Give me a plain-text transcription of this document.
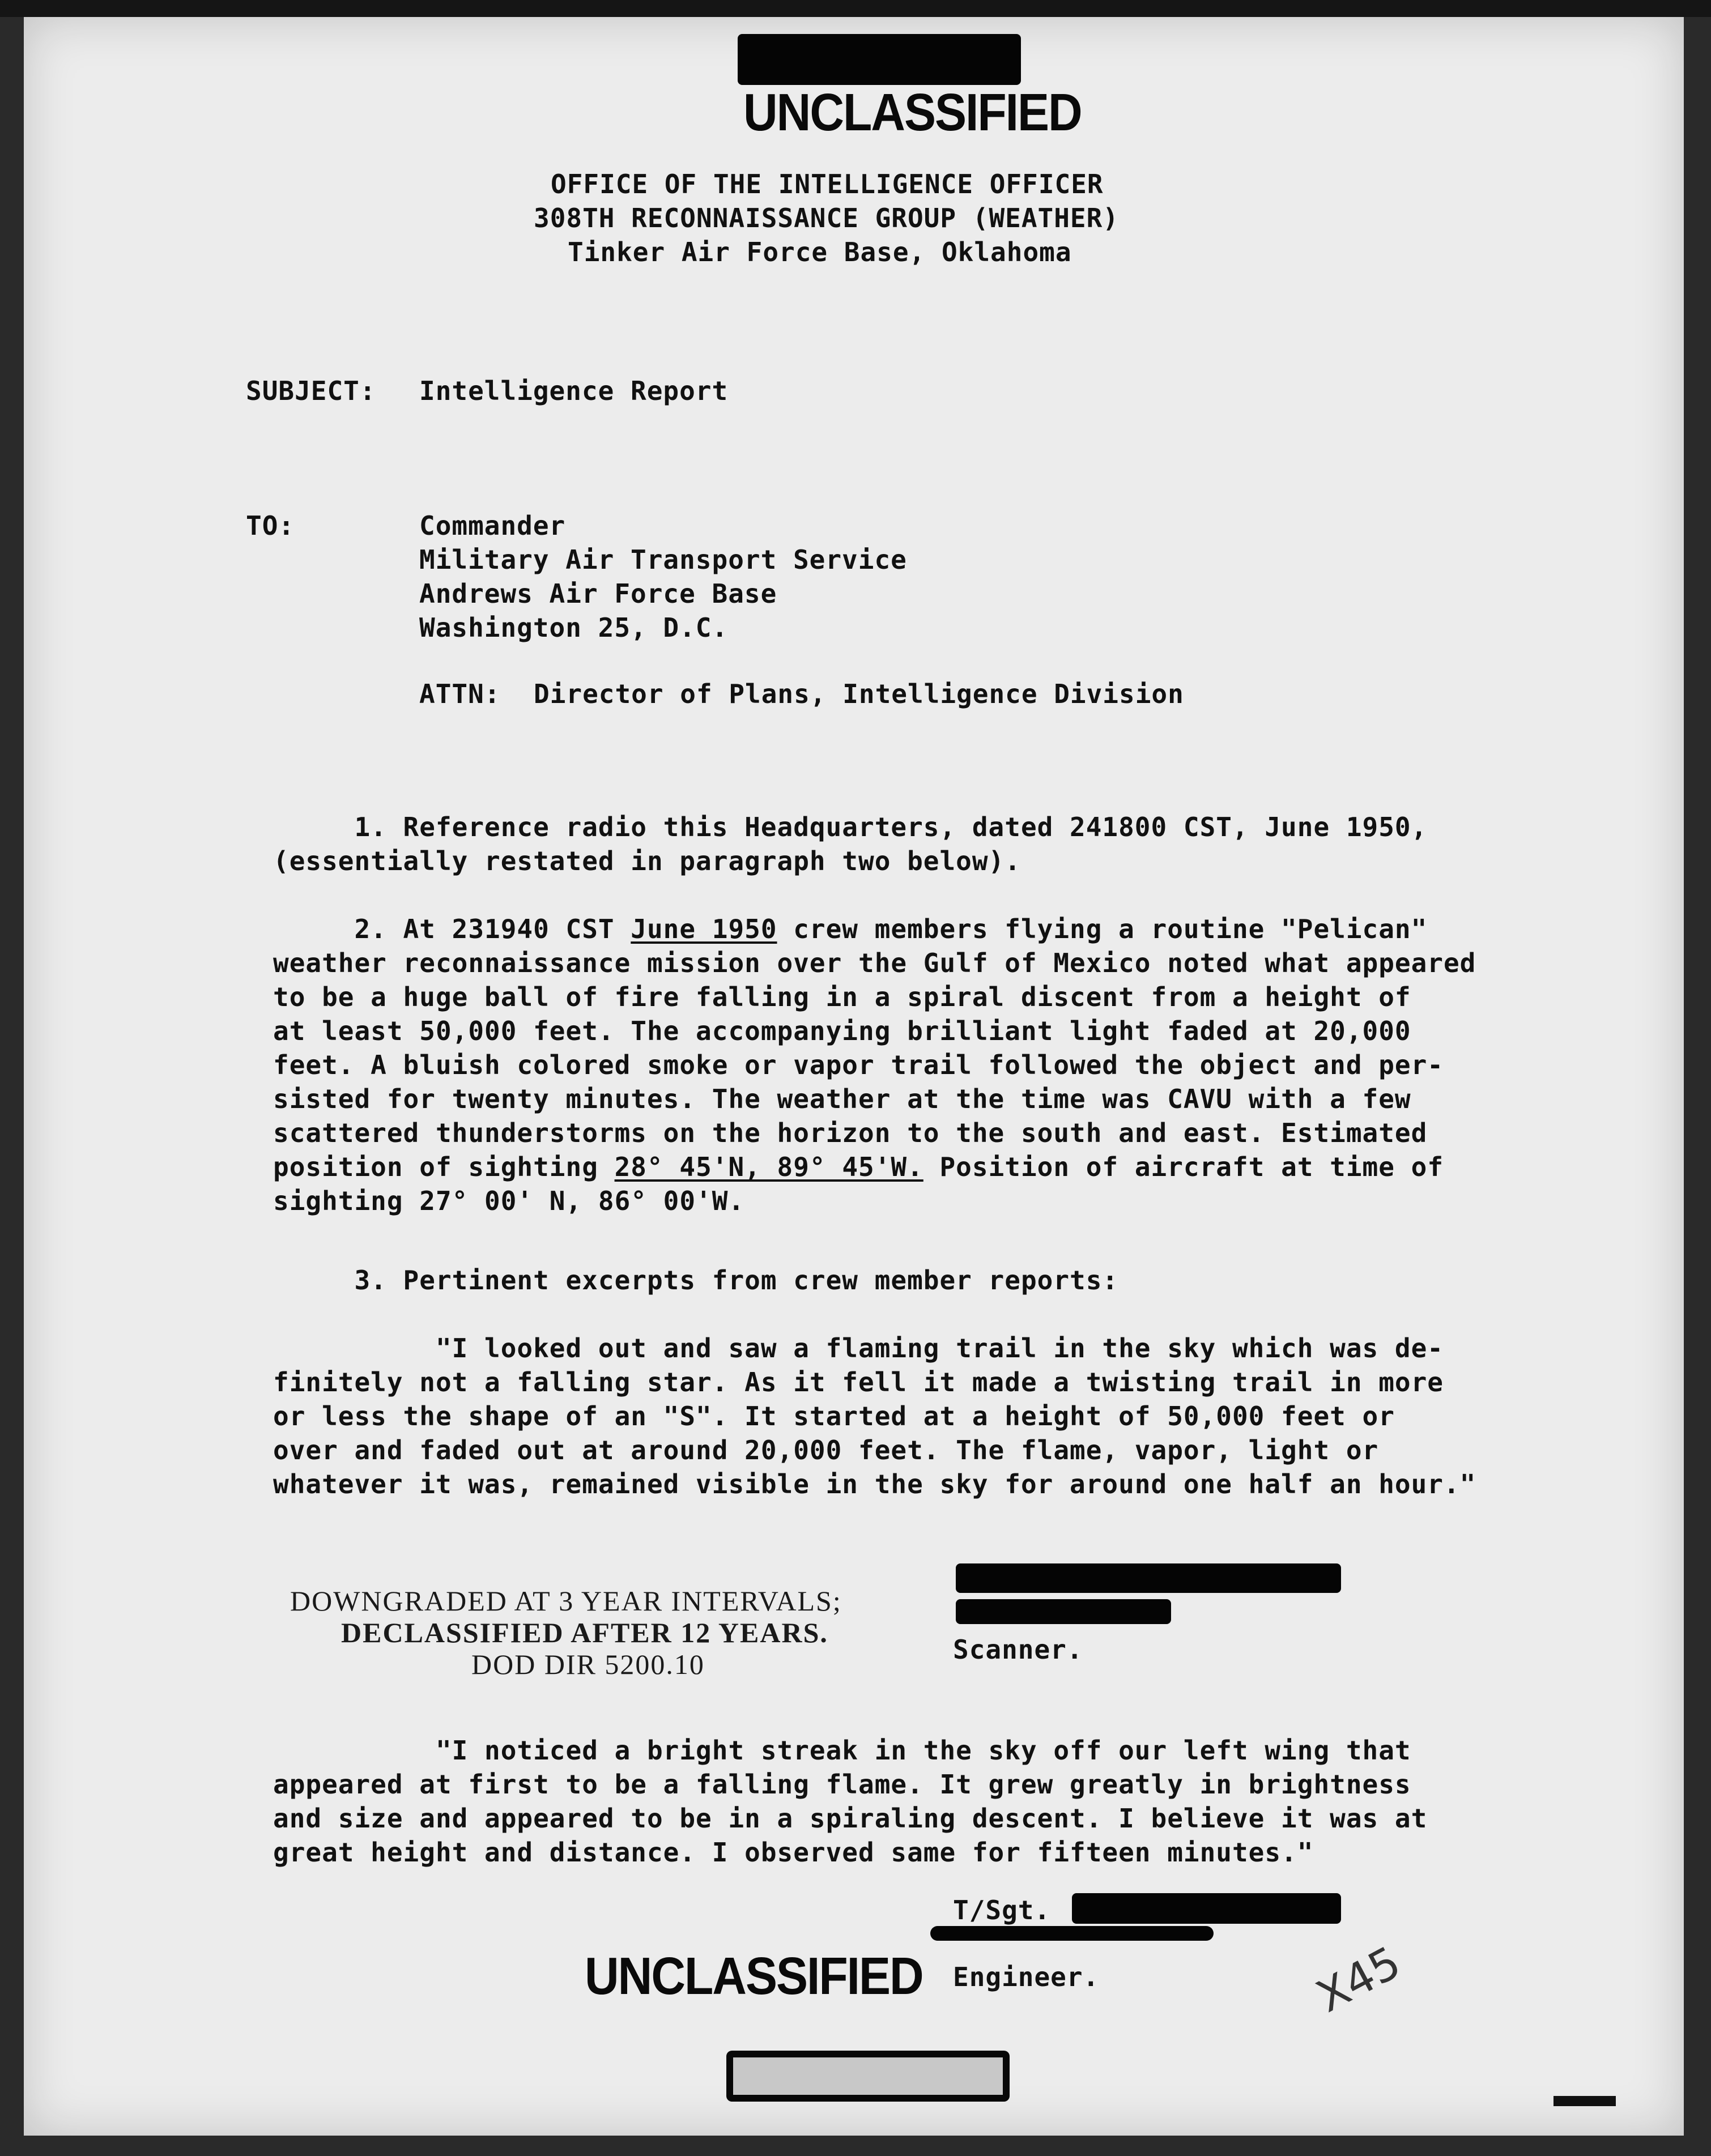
UNCLASSIFIED
OFFICE OF THE INTELLIGENCE OFFICER
308TH RECONNAISSANCE GROUP (WEATHER)
Tinker Air Force Base, Oklahoma
SUBJECT: Intelligence Report
TO:	Commander
Military Air Transport Service
Andrews Air Force Base
Washington 25, D.C.
ATTN: Director of Plans, Intelligence Division
1. Reference radio this Headquarters, dated 241800 CST, June 1950,
(essentially restated in paragraph two below).
2. At 231940 CST June 1950 crew members flying a routine "Pelican"
weather reconnaissance mission over the Gulf of Mexico noted what appeared
to be a huge ball of fire falling in a spiral discent from a height of
at least 50,000 feet. The accompanying brilliant light faded at 20,000
feet. A bluish colored smoke or vapor trail followed the object and per-
sisted for twenty minutes. The weather at the time was CAVU with a few
scattered thunderstorms on the horizon to the south and east. Estimated
position of sighting 28° 45'N, 89° 45'W. Position of aircraft at time of
sighting 27° 00' N, 86° 00'W.
3. Pertinent excerpts from crew member reports:
"I looked out and saw a flaming trail in the sky which was de-
finitely not a falling star. As it fell it made a twisting trail in more
or less the shape of an "S". It started at a height of 50,000 feet or
over and faded out at around 20,000 feet. The flame, vapor, light or
whatever it was, remained visible in the sky for around one half an hour."
DOWNGRADED AT 3 YEAR INTERVALS;
DECLASSIFIED AFTER 12 YEARS.
DOD DIR 5200.10	Scanner.
"I noticed a bright streak in the sky off our left wing that
appeared at first to be a falling flame. It grew greatly in brightness
and size and appeared to be in a spiraling descent. I believe it was at
great height and distance. I observed same for fifteen minutes."
T/Sgt.
Engineer.
UNCLASSIFIED	X45
